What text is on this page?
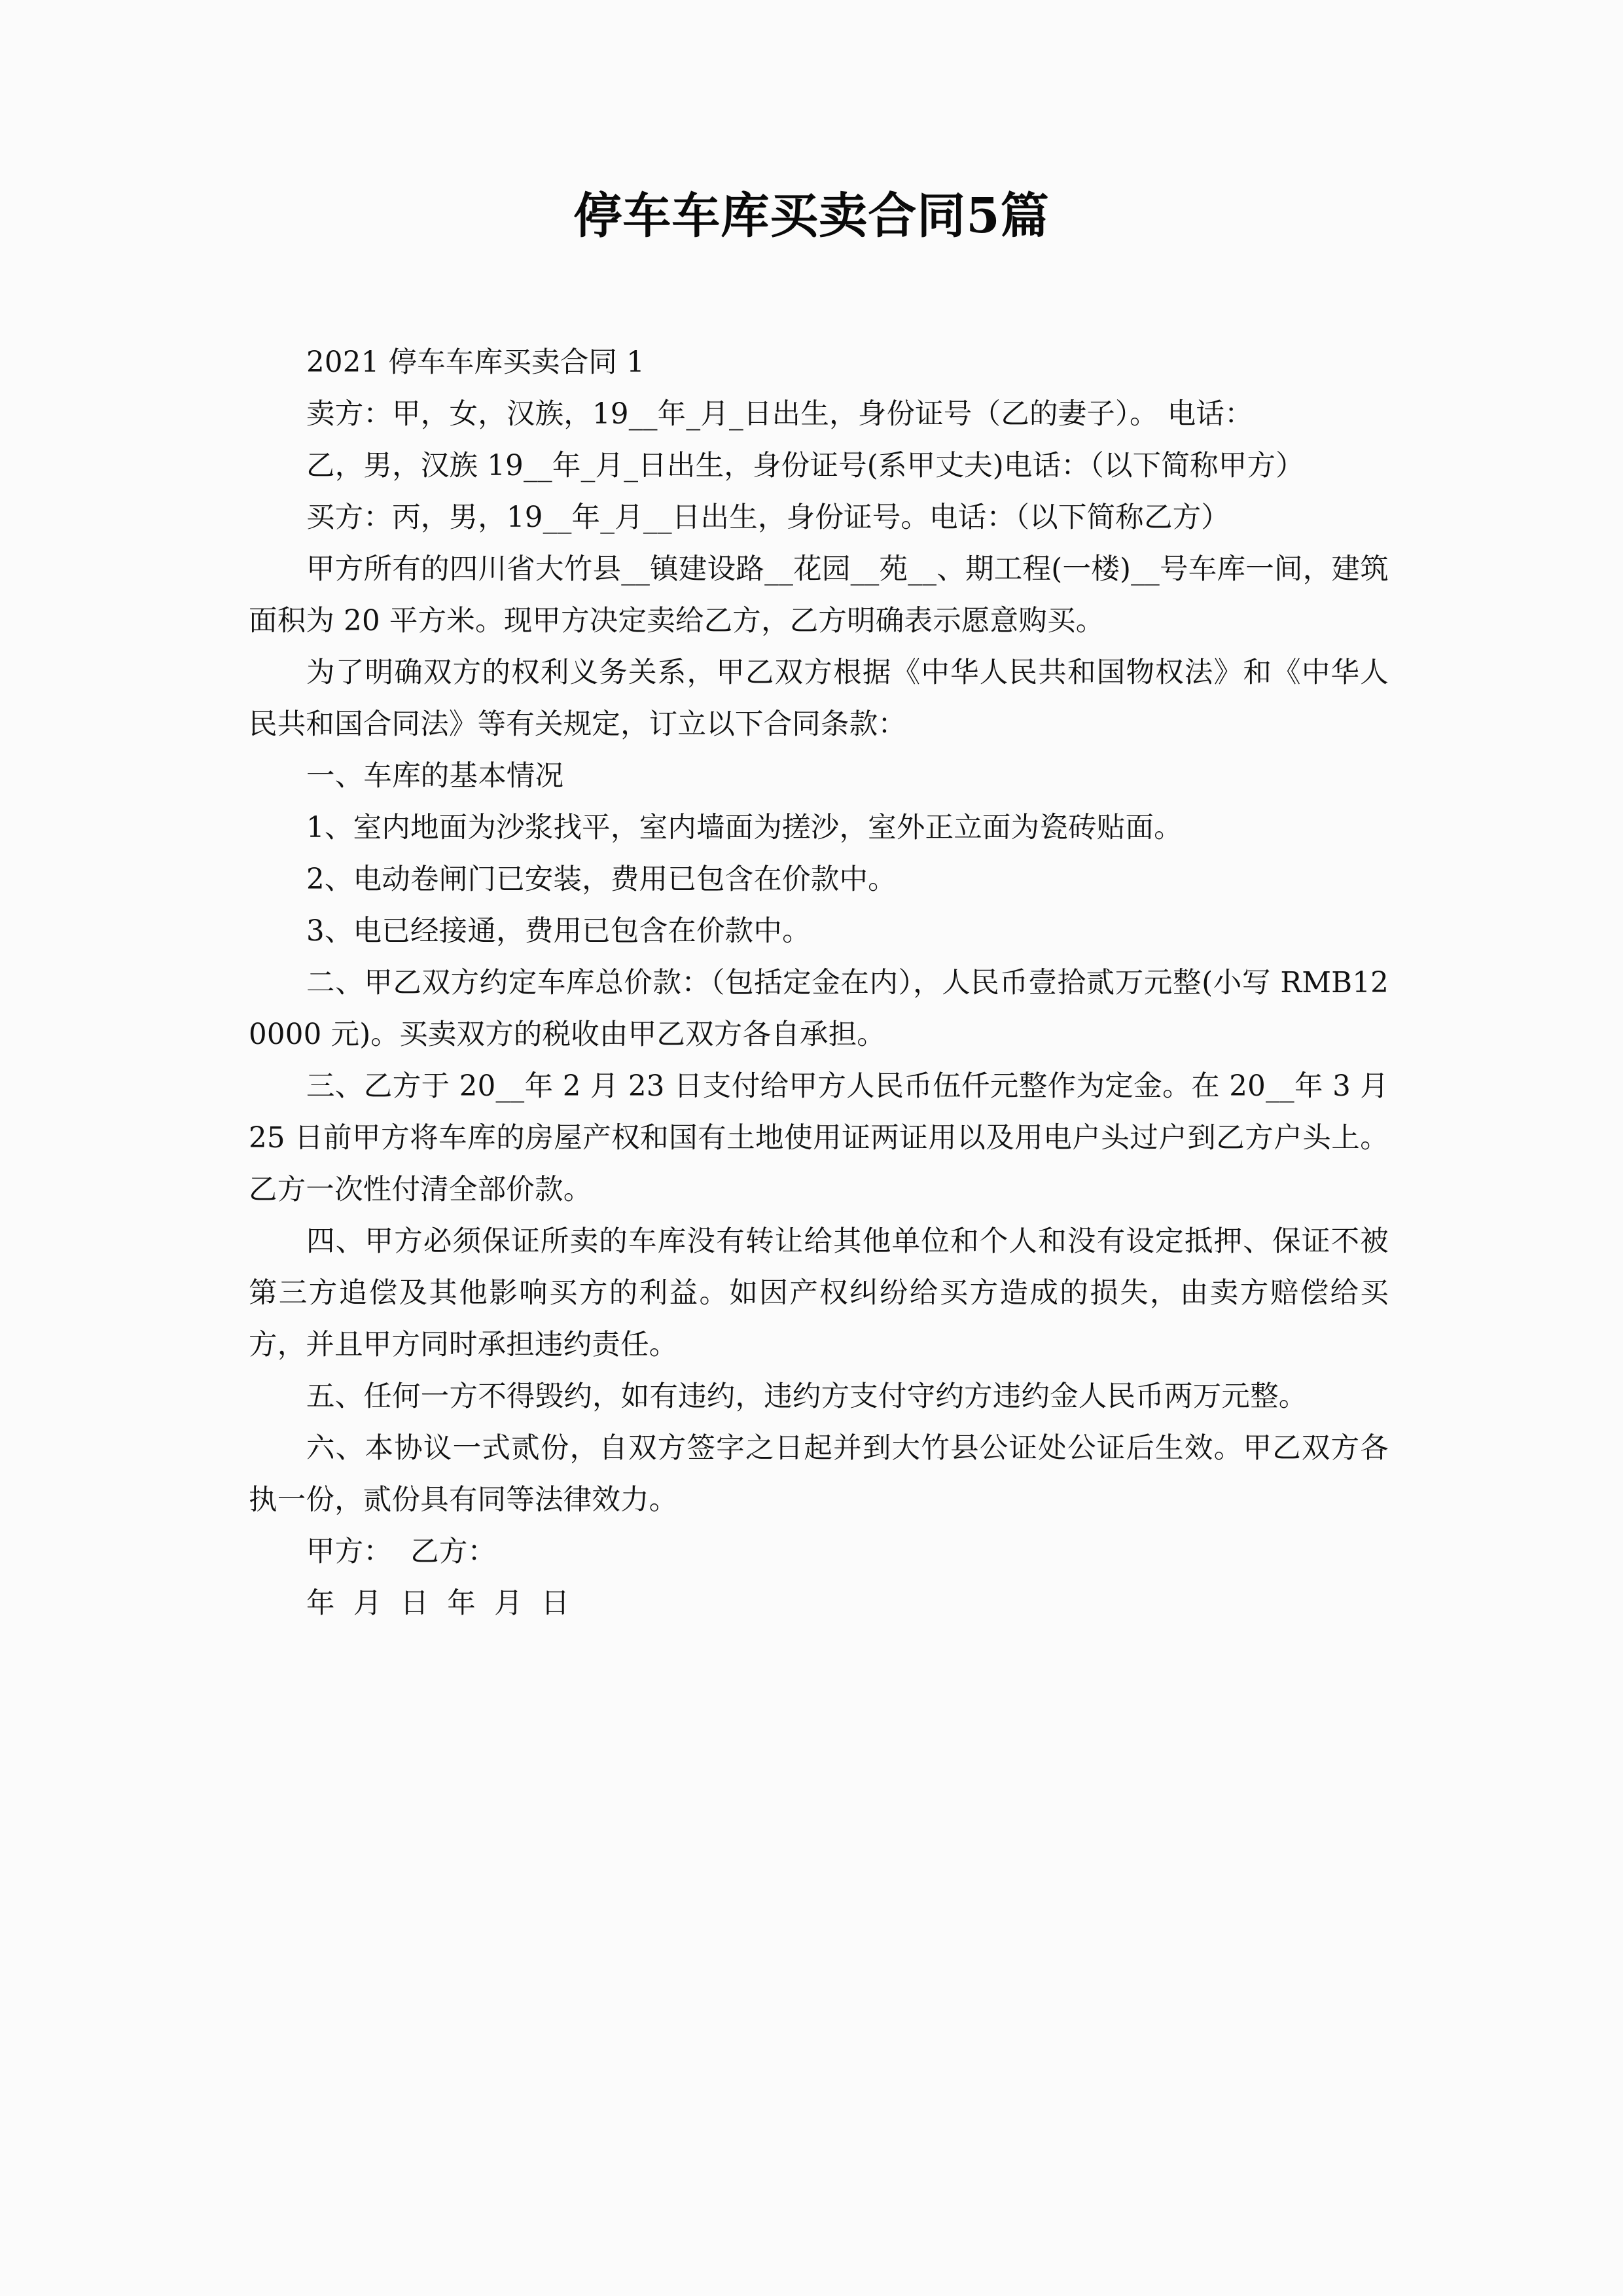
停车车库买卖合同5篇

2021 停车车库买卖合同 1

卖方：甲，女，汉族，19__年_月_日出生，身份证号（乙的妻子）。 电话：

乙，男，汉族 19__年_月_日出生，身份证号(系甲丈夫)电话：（以下简称甲方）

买方：丙，男，19__年_月__日出生，身份证号。电话：（以下简称乙方）

甲方所有的四川省大竹县__镇建设路__花园__苑__、期工程(一楼)__号车库一间，建筑面积为 20 平方米。现甲方决定卖给乙方，乙方明确表示愿意购买。

为了明确双方的权利义务关系，甲乙双方根据《中华人民共和国物权法》和《中华人民共和国合同法》等有关规定，订立以下合同条款：

一、车库的基本情况

1、室内地面为沙浆找平，室内墙面为搓沙，室外正立面为瓷砖贴面。

2、电动卷闸门已安装，费用已包含在价款中。

3、电已经接通，费用已包含在价款中。

二、甲乙双方约定车库总价款：（包括定金在内），人民币壹拾贰万元整(小写 RMB120000 元)。买卖双方的税收由甲乙双方各自承担。

三、乙方于 20__年 2 月 23 日支付给甲方人民币伍仟元整作为定金。在 20__年 3 月 25 日前甲方将车库的房屋产权和国有土地使用证两证用以及用电户头过户到乙方户头上。乙方一次性付清全部价款。

四、甲方必须保证所卖的车库没有转让给其他单位和个人和没有设定抵押、保证不被第三方追偿及其他影响买方的利益。如因产权纠纷给买方造成的损失，由卖方赔偿给买方，并且甲方同时承担违约责任。

五、任何一方不得毁约，如有违约，违约方支付守约方违约金人民币两万元整。

六、本协议一式贰份，自双方签字之日起并到大竹县公证处公证后生效。甲乙双方各执一份，贰份具有同等法律效力。

甲方：  乙方：

年  月  日  年  月  日
